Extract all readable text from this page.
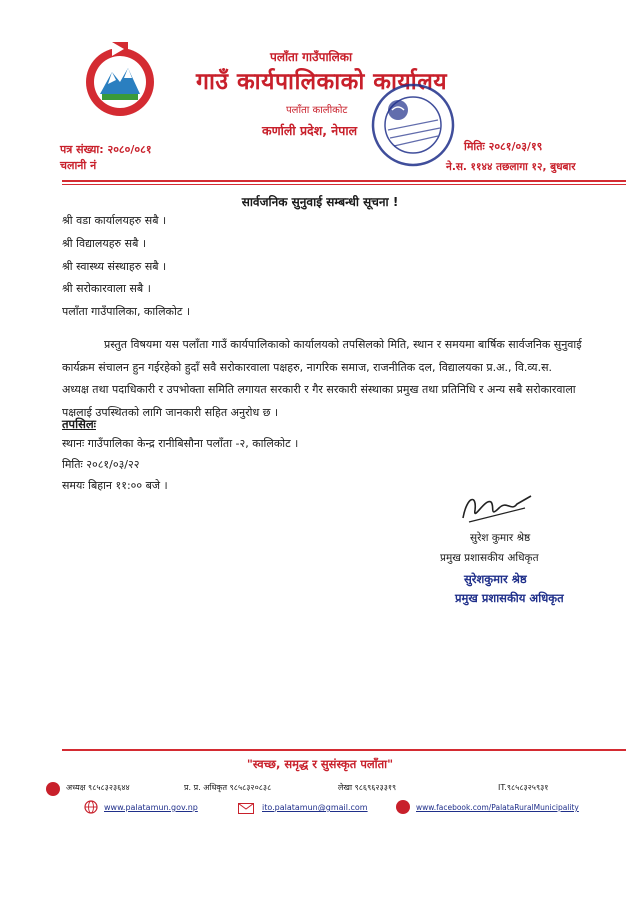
पलाँता गाउँपालिका
गाउँ कार्यपालिकाको कार्यालय
पलाँता कालीकोट
कर्णाली प्रदेश, नेपाल
पत्र संख्या: २०८०/०८१
चलानी नं
मितिः २०८१/०३/१९
ने.स. ११४४ तछलागा १२, बुधबार
सार्वजनिक सुनुवाई सम्बन्धी सूचना !
श्री वडा कार्यालयहरु सबै ।
श्री विद्यालयहरु सबै ।
श्री स्वास्थ्य संस्थाहरु सबै ।
श्री सरोकारवाला सबै ।
पलाँता गाउँपालिका, कालिकोट ।
प्रस्तुत विषयमा यस पलाँता गाउँ कार्यपालिकाको कार्यालयको तपसिलको मिति, स्थान र समयमा बार्षिक सार्वजनिक सुनुवाई कार्यक्रम संचालन हुन गईरहेको हुदाँ सवै सरोकारवाला पक्षहरु, नागरिक समाज, राजनीतिक दल, विद्यालयका प्र.अ., वि.व्य.स. अध्यक्ष तथा पदाधिकारी र उपभोक्ता समिति लगायत सरकारी र गैर सरकारी संस्थाका प्रमुख तथा प्रतिनिधि र अन्य सबै सरोकारवाला पक्षलाई उपस्थितको लागि जानकारी सहित अनुरोध छ ।
तपसिलः
स्थानः गाउँपालिका केन्द्र रानीबिसौना पलाँता -२, कालिकोट ।
मितिः २०८१/०३/२२
समयः बिहान ११:०० बजे ।
सुरेश कुमार श्रेष्ठ
प्रमुख प्रशासकीय अधिकृत
सुरेशकुमार श्रेष्ठ
प्रमुख प्रशासकीय अधिकृत
"स्वच्छ, समृद्ध र सुसंस्कृत पलाँता"
अध्यक्ष ९८५८३२३६४४	प्र. प्र. अधिकृत ९८५८३२०८३८	लेखा ९८६९६२३३१९	IT.९८५८३२५९३१
www.palatamun.gov.np	ito.palatamun@gmail.com	www.facebook.com/PalataRuralMunicipality
